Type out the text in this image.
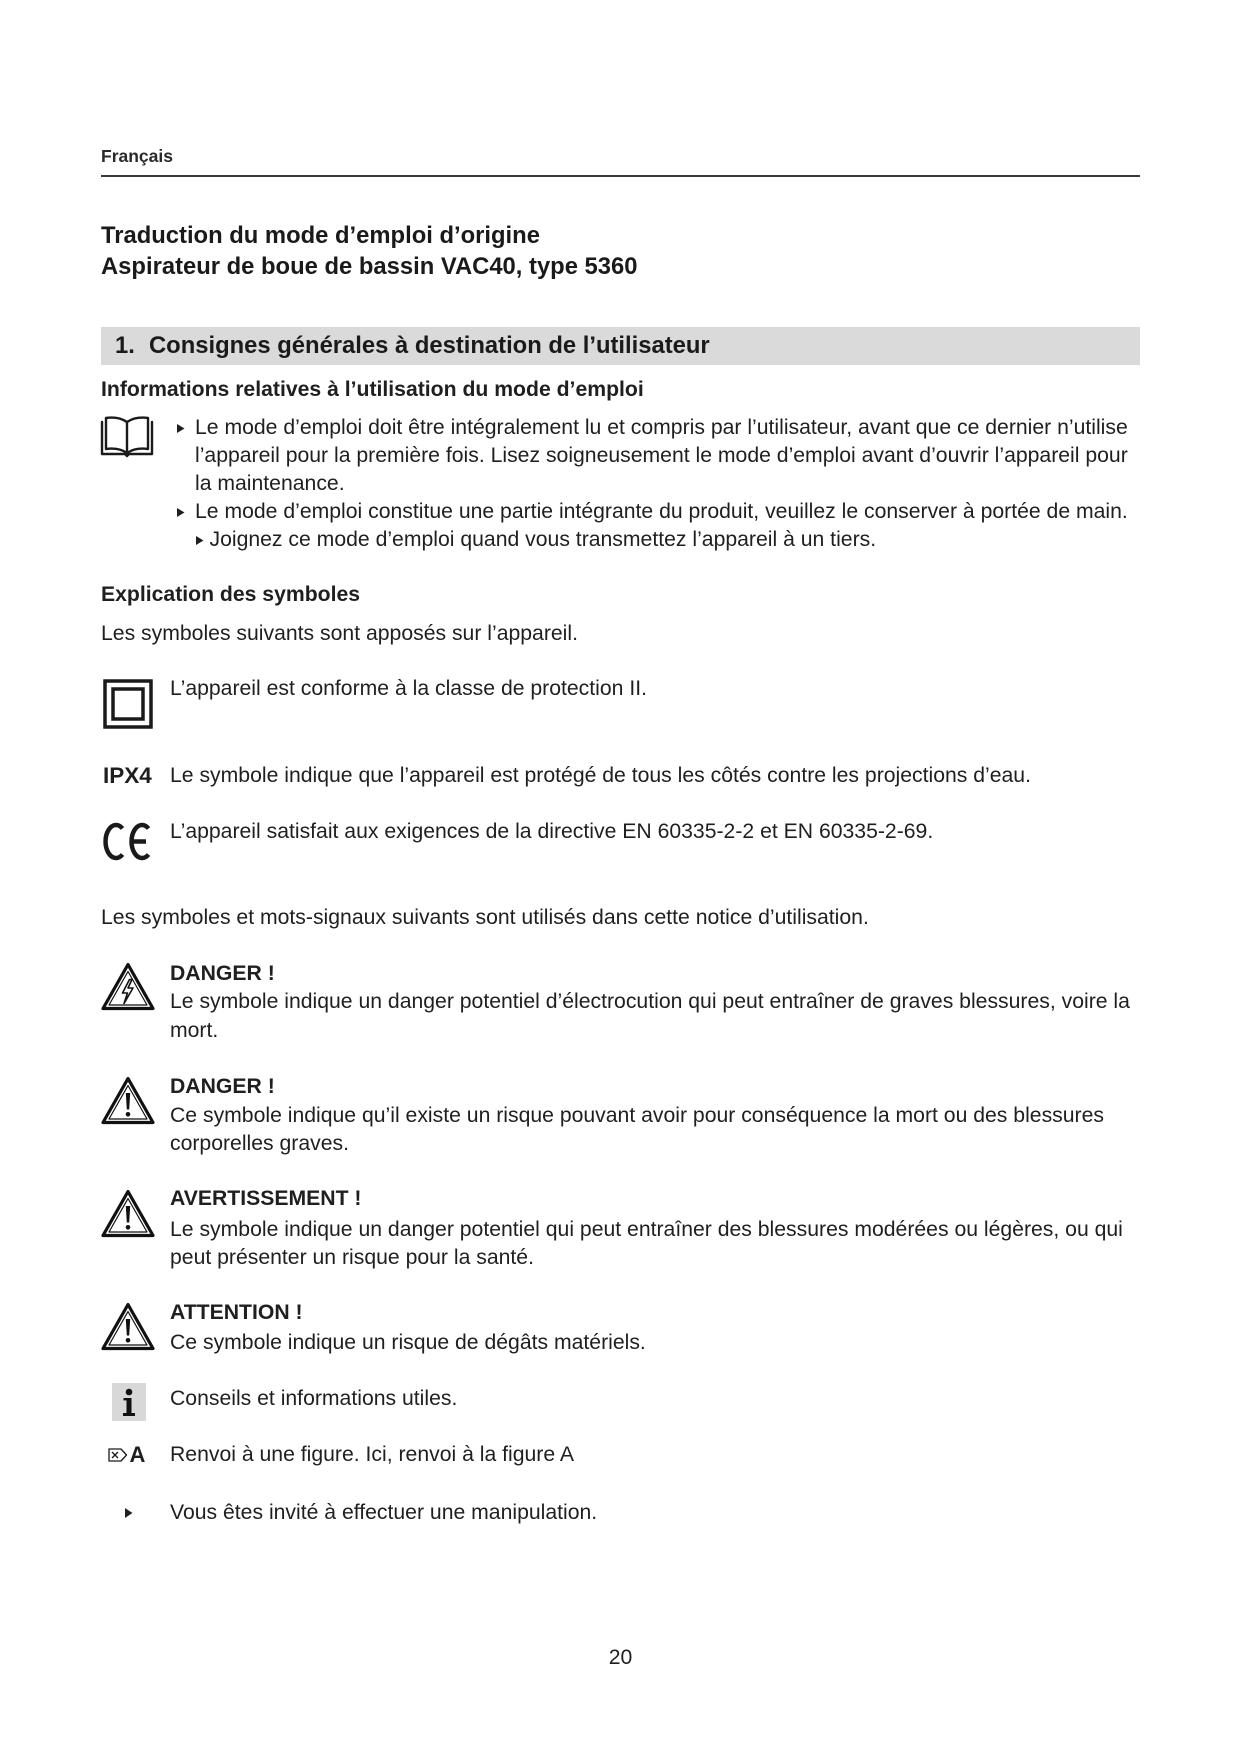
Français
Traduction du mode d’emploi d’origine
Aspirateur de boue de bassin VAC40, type 5360
1. Consignes générales à destination de l’utilisateur
Informations relatives à l’utilisation du mode d’emploi
Le mode d’emploi doit être intégralement lu et compris par l’utilisateur, avant que ce dernier n’utilise
l’appareil pour la première fois. Lisez soigneusement le mode d’emploi avant d’ouvrir l’appareil pour
la maintenance.
Le mode d’emploi constitue une partie intégrante du produit, veuillez le conserver à portée de main.
Joignez ce mode d’emploi quand vous transmettez l’appareil à un tiers.
Explication des symboles
Les symboles suivants sont apposés sur l’appareil.
L’appareil est conforme à la classe de protection II.
IPX4 Le symbole indique que l’appareil est protégé de tous les côtés contre les projections d’eau.
L’appareil satisfait aux exigences de la directive EN 60335-2-2 et EN 60335-2-69.
Les symboles et mots-signaux suivants sont utilisés dans cette notice d’utilisation.
DANGER !
Le symbole indique un danger potentiel d’électrocution qui peut entraîner de graves blessures, voire la
mort.
DANGER !
Ce symbole indique qu’il existe un risque pouvant avoir pour conséquence la mort ou des blessures
corporelles graves.
AVERTISSEMENT !
Le symbole indique un danger potentiel qui peut entraîner des blessures modérées ou légères, ou qui
peut présenter un risque pour la santé.
ATTENTION !
Ce symbole indique un risque de dégâts matériels.
Conseils et informations utiles.
A Renvoi à une figure. Ici, renvoi à la figure A
Vous êtes invité à effectuer une manipulation.
20
